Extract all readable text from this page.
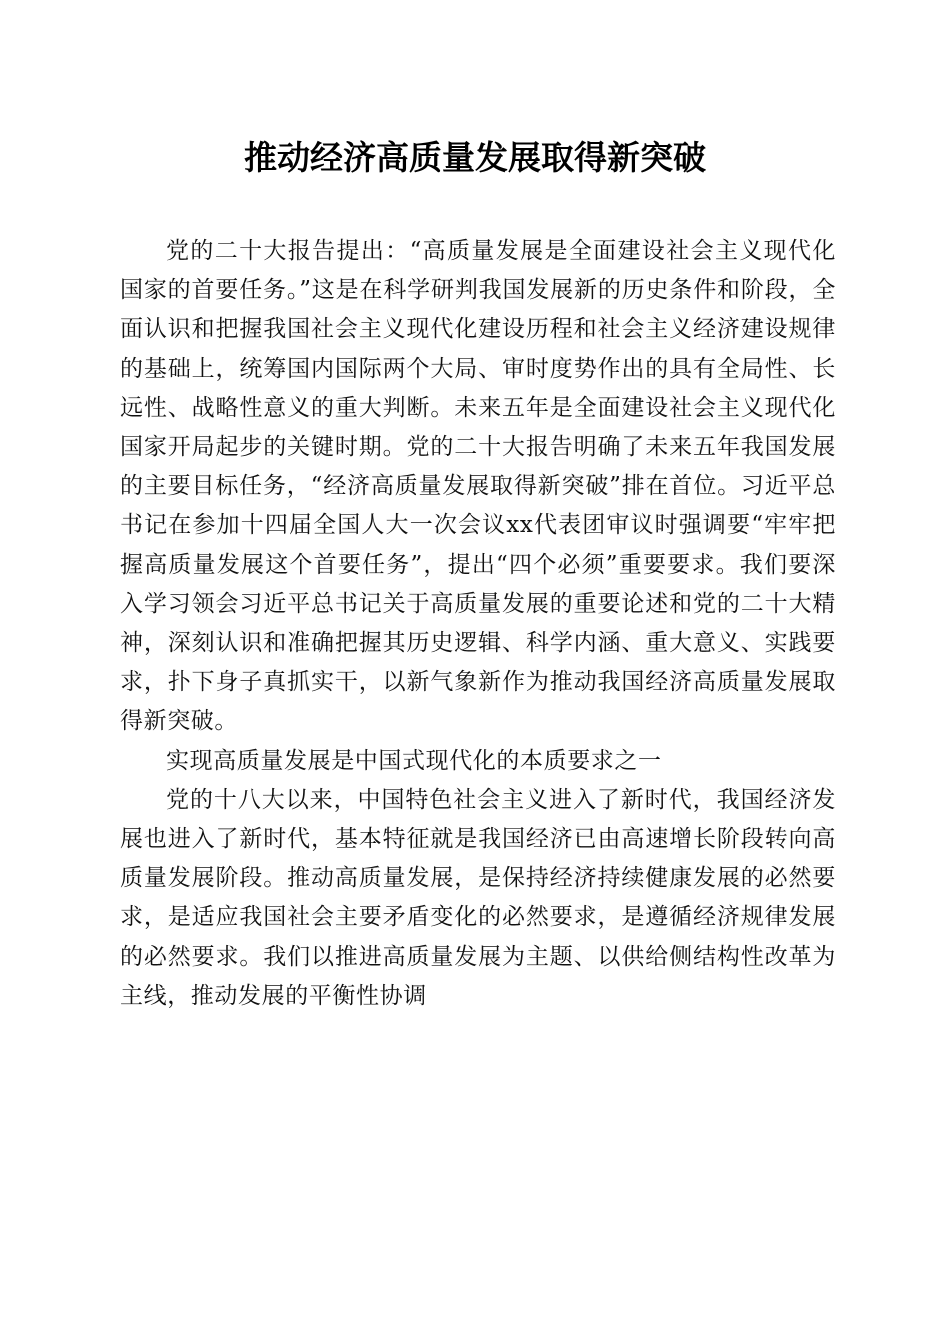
推动经济高质量发展取得新突破

党的二十大报告提出：“高质量发展是全面建设社会主义现代化国家的首要任务。”这是在科学研判我国发展新的历史条件和阶段，全面认识和把握我国社会主义现代化建设历程和社会主义经济建设规律的基础上，统筹国内国际两个大局、审时度势作出的具有全局性、长远性、战略性意义的重大判断。未来五年是全面建设社会主义现代化国家开局起步的关键时期。党的二十大报告明确了未来五年我国发展的主要目标任务，“经济高质量发展取得新突破”排在首位。习近平总书记在参加十四届全国人大一次会议xx代表团审议时强调要“牢牢把握高质量发展这个首要任务”，提出“四个必须”重要要求。我们要深入学习领会习近平总书记关于高质量发展的重要论述和党的二十大精神，深刻认识和准确把握其历史逻辑、科学内涵、重大意义、实践要求，扑下身子真抓实干，以新气象新作为推动我国经济高质量发展取得新突破。

实现高质量发展是中国式现代化的本质要求之一

党的十八大以来，中国特色社会主义进入了新时代，我国经济发展也进入了新时代，基本特征就是我国经济已由高速增长阶段转向高质量发展阶段。推动高质量发展，是保持经济持续健康发展的必然要求，是适应我国社会主要矛盾变化的必然要求，是遵循经济规律发展的必然要求。我们以推进高质量发展为主题、以供给侧结构性改革为主线，推动发展的平衡性协调
